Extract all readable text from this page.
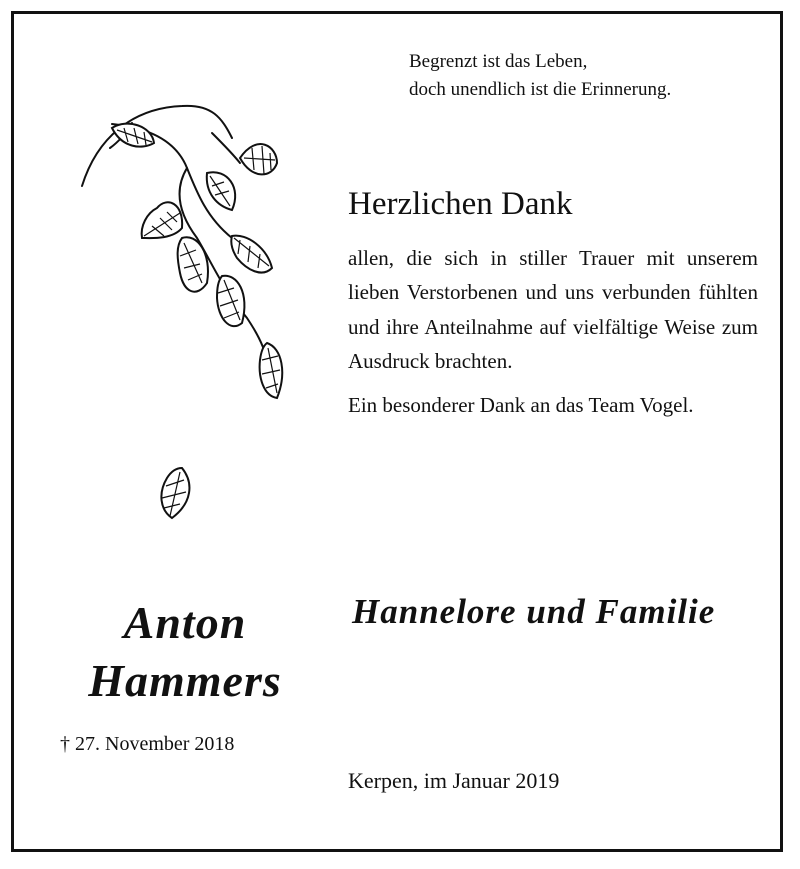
Begrenzt ist das Leben,
doch unendlich ist die Erinnerung.
Herzlichen Dank

allen, die sich in stiller Trauer mit unserem lieben Verstorbenen und uns verbunden fühlten und ihre Anteilnahme auf vielfältige Weise zum Ausdruck brachten.

Ein besonderer Dank an das Team Vogel.

Anton
Hammers
† 27. November 2018
Hannelore und Familie
Kerpen, im Januar 2019
